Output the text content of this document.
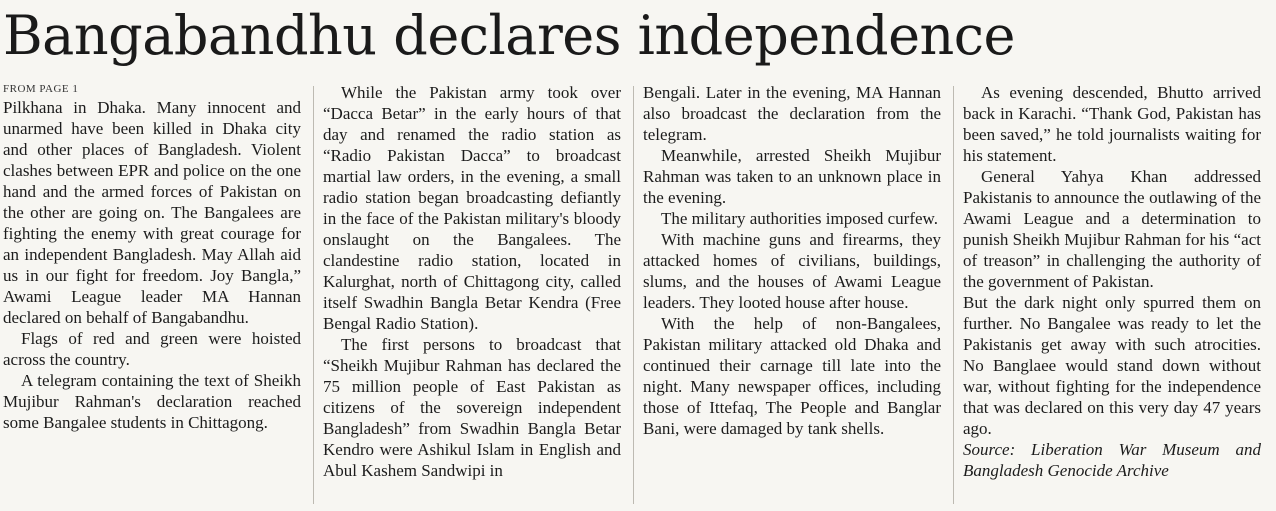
Bangabandhu declares independence
FROM PAGE 1

Pilkhana in Dhaka. Many innocent and unarmed have been killed in Dhaka city and other places of Bangladesh. Violent clashes between EPR and police on the one hand and the armed forces of Pakistan on the other are going on. The Bangalees are fighting the enemy with great courage for an independent Bangladesh. May Allah aid us in our fight for freedom. Joy Bangla,” Awami League leader MA Hannan declared on behalf of Bangabandhu.

Flags of red and green were hoisted across the country.

A telegram containing the text of Sheikh Mujibur Rahman's declaration reached some Bangalee students in Chittagong.

While the Pakistan army took over “Dacca Betar” in the early hours of that day and renamed the radio station as “Radio Pakistan Dacca” to broadcast martial law orders, in the evening, a small radio station began broadcasting defiantly in the face of the Pakistan military's bloody onslaught on the Bangalees. The clandestine radio station, located in Kalurghat, north of Chittagong city, called itself Swadhin Bangla Betar Kendra (Free Bengal Radio Station).

The first persons to broadcast that “Sheikh Mujibur Rahman has declared the 75 million people of East Pakistan as citizens of the sovereign independent Bangladesh” from Swadhin Bangla Betar Kendro were Ashikul Islam in English and Abul Kashem Sandwipi in

Bengali. Later in the evening, MA Hannan also broadcast the declaration from the telegram.

Meanwhile, arrested Sheikh Mujibur Rahman was taken to an unknown place in the evening.

The military authorities imposed curfew.

With machine guns and firearms, they attacked homes of civilians, buildings, slums, and the houses of Awami League leaders. They looted house after house.

With the help of non-Bangalees, Pakistan military attacked old Dhaka and continued their carnage till late into the night. Many newspaper offices, including those of Ittefaq, The People and Banglar Bani, were damaged by tank shells.

As evening descended, Bhutto arrived back in Karachi. “Thank God, Pakistan has been saved,” he told journalists waiting for his statement.

General Yahya Khan addressed Pakistanis to announce the outlawing of the Awami League and a determination to punish Sheikh Mujibur Rahman for his “act of treason” in challenging the authority of the government of Pakistan.

But the dark night only spurred them on further. No Bangalee was ready to let the Pakistanis get away with such atrocities. No Banglaee would stand down without war, without fighting for the independence that was declared on this very day 47 years ago.

Source: Liberation War Museum and Bangladesh Genocide Archive
